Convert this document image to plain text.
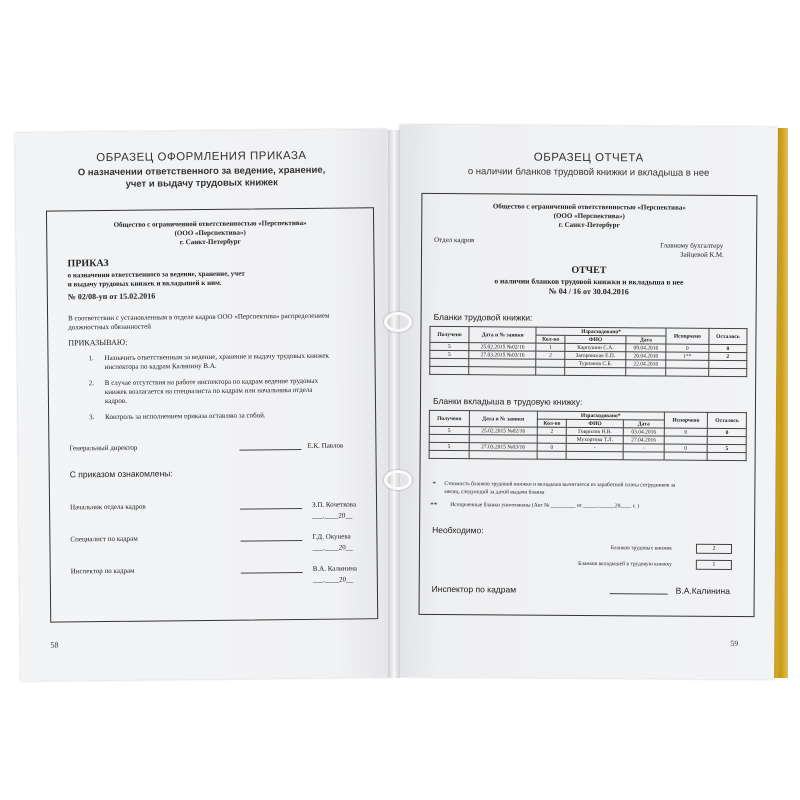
ОБРАЗЕЦ ОФОРМЛЕНИЯ ПРИКАЗА
О назначении ответственного за ведение, хранение,
учет и выдачу трудовых книжек
Общество с ограниченной ответственностью «Перспектива»
(ООО «Перспектива»)
г. Санкт-Петербург
ПРИКАЗ
о назначении ответственного за ведение, хранение, учет
и выдачу трудовых книжек и вкладышей к ним.
№ 02/08-уп от 15.02.2016
В соответствии с установленным в отделе кадров ООО «Перспектива» распределением
должностных обязанностей
ПРИКАЗЫВАЮ:
1. Назначить ответственным за ведение, хранение и выдачу трудовых книжек
инспектора по кадрам Калинину В.А.
2. В случае отсутствия на работе инспектора по кадрам ведение трудовых
книжек возлагается на специалиста по кадрам или начальника отдела
кадров.
3. Контроль за исполнением приказа оставляю за собой.
Генеральный директор	Е.К. Павлов
С приказом ознакомлены:
Начальник отдела кадров	З.П. Кочеткова
___.____20__
Специалист по кадрам	Г.Д. Окунева
___.____20__
Инспектор по кадрам	В.А. Калинина
___.____20__
58
ОБРАЗЕЦ ОТЧЕТА
о наличии бланков трудовой книжки и вкладыша в нее
Общество с ограниченной ответственностью «Перспектива»
(ООО «Перспектива»)
г. Санкт-Петербург
Отдел кадров
Главному бухгалтеру
Зайцевой К.М.
ОТЧЕТ
о наличии бланков трудовой книжки и вкладыша в нее
№ 04 / 16 от 30.04.2016
Бланки трудовой книжки:
Получено	Дата и № заявки	Израсходовано*			Испорчено	Осталось
		Кол-во	ФИО	Дата		
5	25.02.2015 №02/16	1	Карпушин С.А.	09.04.2016	0	0
5	27.03.2015 №03/16	2	Загоровская Е.П.	20.04.2016	1**	2
			Турпанов С.Б.	22.04.2016		

Бланки вкладыша в трудовую книжку:
Получено	Дата и № заявки	Израсходовано*			Испорчено	Осталось
		Кол-во	ФИО	Дата		
5	25.02.2015 №02/16	2	Говрилов Н.В.	03.04.2016	0	0
			Мухортова Т.Л.	27.04.2016		
5	27.03.2015 №03/16	0	-	-	0	5

* Стоимость бланков трудовой книжки и вкладыша вычитается из заработной платы сотрудников за
месяц, следующий за датой выдачи бланка
** Испорченные бланки уничтожены (Акт № _________ от _____.______20____ г. )
Необходимо:
Бланков трудовых книжек	2
Бланков вкладышей в трудовую книжку	1
Инспектор по кадрам	В.А.Калинина
59
